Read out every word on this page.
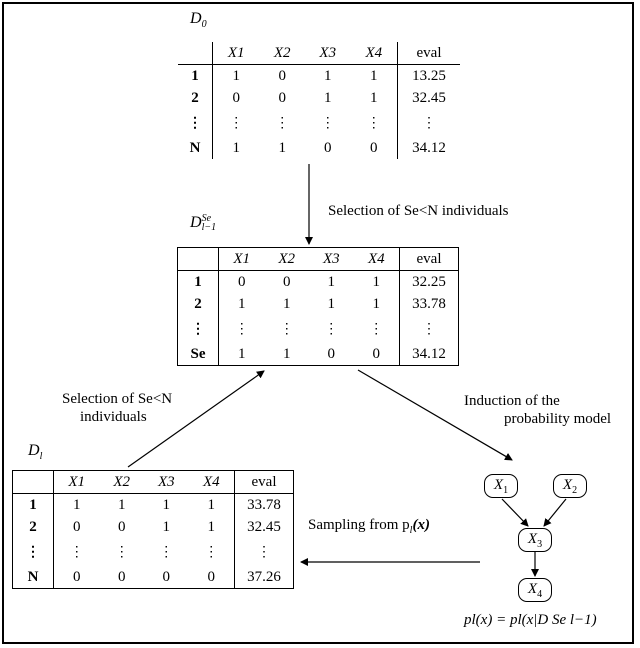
$D_0$
	X1	X2	X3	X4	eval
1	1	0	1	1	13.25
2	0	0	1	1	32.45
⋮	⋮	⋮	⋮	⋮	⋮
N	1	1	0	0	34.12
Selection of Se<N individuals
D Se
l−1
	X1	X2	X3	X4	eval
1	0	0	1	1	32.25
2	1	1	1	1	33.78
⋮	⋮	⋮	⋮	⋮	⋮
Se	1	1	0	0	34.12
Selection of Se<N
individuals
Induction of the
probability model
$D_l$
	X1	X2	X3	X4	eval
1	1	1	1	1	33.78
2	0	0	1	1	32.45
⋮	⋮	⋮	⋮	⋮	⋮
N	0	0	0	0	37.26
Sampling from $p_l(x)$
$X_1$	$X_2$
$X_3$
$X_4$
pl(x) = pl(x|D Se l−1)
